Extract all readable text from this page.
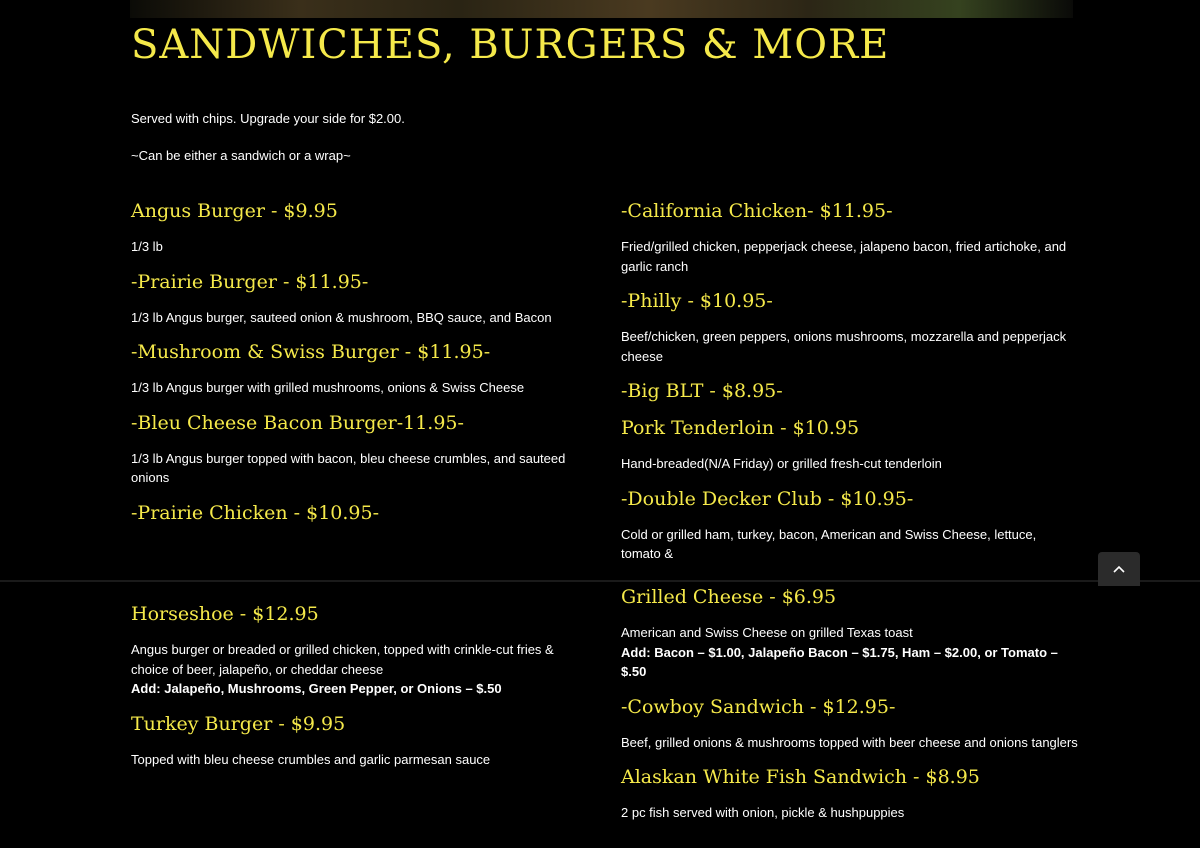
SANDWICHES, BURGERS & MORE

Served with chips. Upgrade your side for $2.00.

~Can be either a sandwich or a wrap~

Angus Burger - $9.95

1/3 lb

-Prairie Burger - $11.95-

1/3 lb Angus burger, sauteed onion & mushroom, BBQ sauce, and Bacon

-Mushroom & Swiss Burger - $11.95-

1/3 lb Angus burger with grilled mushrooms, onions & Swiss Cheese

-Bleu Cheese Bacon Burger-11.95-

1/3 lb Angus burger topped with bacon, bleu cheese crumbles, and sauteed onions

-Prairie Chicken - $10.95-
-California Chicken- $11.95-

Fried/grilled chicken, pepperjack cheese, jalapeno bacon, fried artichoke, and garlic ranch

-Philly - $10.95-

Beef/chicken, green peppers, onions mushrooms, mozzarella and pepperjack cheese

-Big BLT - $8.95-
Pork Tenderloin - $10.95

Hand-breaded(N/A Friday) or grilled fresh-cut tenderloin

-Double Decker Club - $10.95-

Cold or grilled ham, turkey, bacon, American and Swiss Cheese, lettuce, tomato &

Horseshoe - $12.95

Angus burger or breaded or grilled chicken, topped with crinkle-cut fries & choice of beer, jalapeño, or cheddar cheese

Add: Jalapeño, Mushrooms, Green Pepper, or Onions – $.50

Turkey Burger - $9.95

Topped with bleu cheese crumbles and garlic parmesan sauce

Grilled Cheese - $6.95

American and Swiss Cheese on grilled Texas toast

Add: Bacon – $1.00, Jalapeño Bacon – $1.75, Ham – $2.00, or Tomato – $.50

-Cowboy Sandwich - $12.95-

Beef, grilled onions & mushrooms topped with beer cheese and onions tanglers

Alaskan White Fish Sandwich - $8.95

2 pc fish served with onion, pickle & hushpuppies
